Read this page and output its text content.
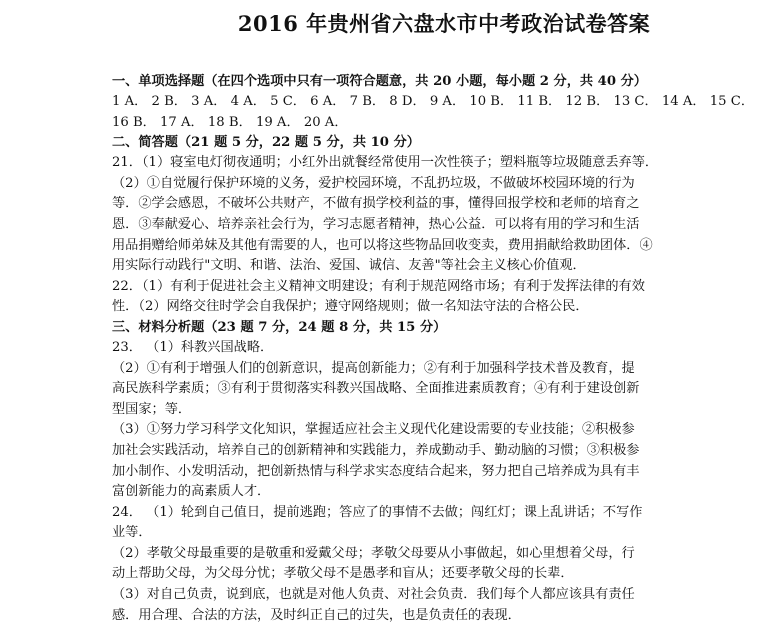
2016 年贵州省六盘水市中考政治试卷答案
一、单项选择题（在四个选项中只有一项符合题意，共 20 小题，每小题 2 分，共 40 分）
1 A． 2 B． 3 A． 4 A． 5 C． 6 A． 7 B． 8 D． 9 A． 10 B． 11 B． 12 B． 13 C． 14 A． 15 C．
16 B． 17 A． 18 B． 19 A． 20 A．
二、简答题（21 题 5 分，22 题 5 分，共 10 分）
21．（1）寝室电灯彻夜通明；小红外出就餐经常使用一次性筷子；塑料瓶等垃圾随意丢弃等．
（2）①自觉履行保护环境的义务，爱护校园环境，不乱扔垃圾，不做破坏校园环境的行为
等．②学会感恩，不破坏公共财产，不做有损学校利益的事，懂得回报学校和老师的培育之
恩．③奉献爱心、培养亲社会行为，学习志愿者精神，热心公益．可以将有用的学习和生活
用品捐赠给师弟妹及其他有需要的人，也可以将这些物品回收变卖，费用捐献给救助团体．④
用实际行动践行"文明、和谐、法治、爱国、诚信、友善"等社会主义核心价值观．
22．（1）有利于促进社会主义精神文明建设；有利于规范网络市场；有利于发挥法律的有效
性．（2）网络交往时学会自我保护；遵守网络规则；做一名知法守法的合格公民．
三、材料分析题（23 题 7 分，24 题 8 分，共 15 分）
23． （1）科教兴国战略．
（2）①有利于增强人们的创新意识，提高创新能力；②有利于加强科学技术普及教育，提
高民族科学素质；③有利于贯彻落实科教兴国战略、全面推进素质教育；④有利于建设创新
型国家；等．
（3）①努力学习科学文化知识，掌握适应社会主义现代化建设需要的专业技能；②积极参
加社会实践活动，培养自己的创新精神和实践能力，养成勤动手、勤动脑的习惯；③积极参
加小制作、小发明活动，把创新热情与科学求实态度结合起来，努力把自己培养成为具有丰
富创新能力的高素质人才．
24． （1）轮到自己值日，提前逃跑；答应了的事情不去做；闯红灯；课上乱讲话；不写作
业等．
（2）孝敬父母最重要的是敬重和爱戴父母；孝敬父母要从小事做起，如心里想着父母，行
动上帮助父母，为父母分忧；孝敬父母不是愚孝和盲从；还要孝敬父母的长辈．
（3）对自己负责，说到底，也就是对他人负责、对社会负责．我们每个人都应该具有责任
感．用合理、合法的方法，及时纠正自己的过失，也是负责任的表现．
